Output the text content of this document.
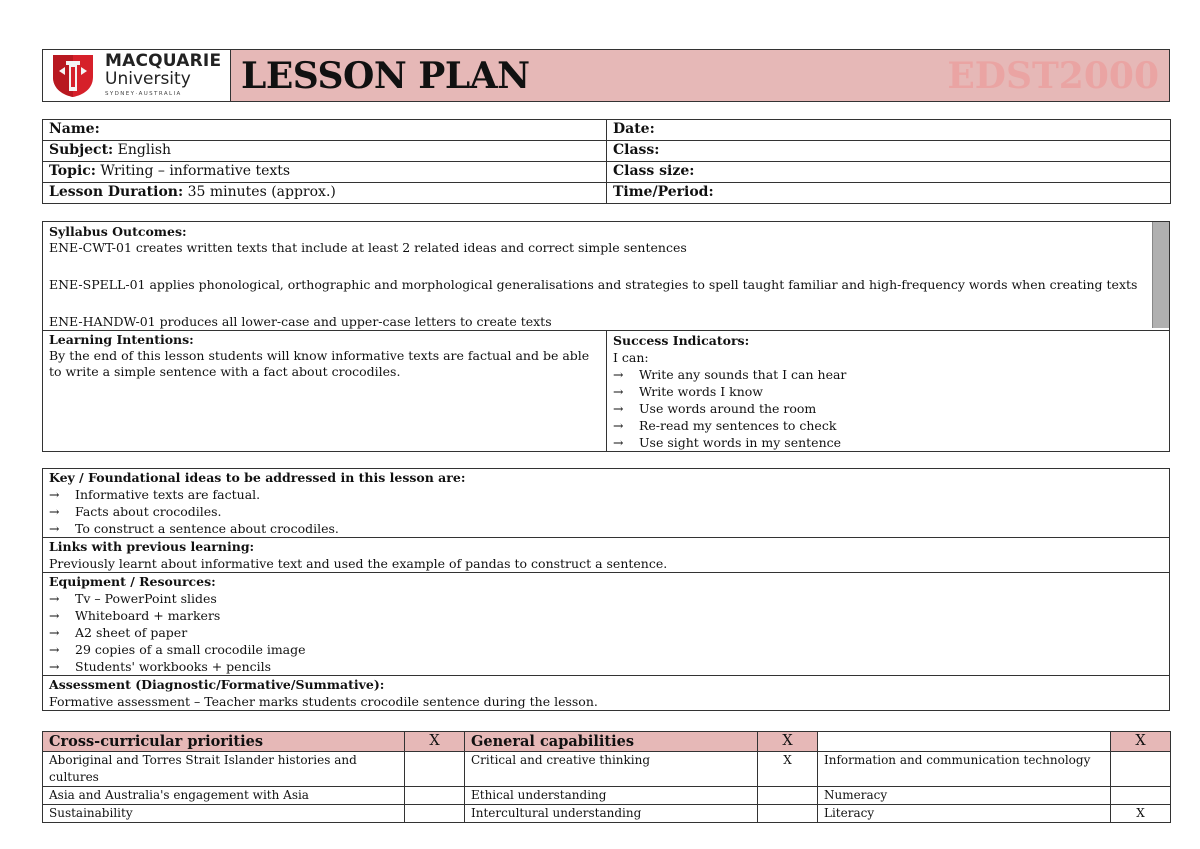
MACQUARIE
University
SYDNEY·AUSTRALIA	LESSON PLAN	EDST2000
Name:	Date:
Subject: English	Class:
Topic: Writing – informative texts	Class size:
Lesson Duration: 35 minutes (approx.)	Time/Period:
Syllabus Outcomes:
ENE-CWT-01 creates written texts that include at least 2 related ideas and correct simple sentences
ENE-SPELL-01 applies phonological, orthographic and morphological generalisations and strategies to spell taught familiar and high-frequency words when creating texts
ENE-HANDW-01 produces all lower-case and upper-case letters to create texts
Learning Intentions:
By the end of this lesson students will know informative texts are factual and be able to write a simple sentence with a fact about crocodiles.
Success Indicators:
I can:
→	Write any sounds that I can hear
→	Write words I know
→	Use words around the room
→	Re-read my sentences to check
→	Use sight words in my sentence
Key / Foundational ideas to be addressed in this lesson are:
→	Informative texts are factual.
→	Facts about crocodiles.
→	To construct a sentence about crocodiles.
Links with previous learning:
Previously learnt about informative text and used the example of pandas to construct a sentence.
Equipment / Resources:
→	Tv – PowerPoint slides
→	Whiteboard + markers
→	A2 sheet of paper
→	29 copies of a small crocodile image
→	Students' workbooks + pencils
Assessment (Diagnostic/Formative/Summative):
Formative assessment – Teacher marks students crocodile sentence during the lesson.
Cross-curricular priorities	X	General capabilities	X		X
Aboriginal and Torres Strait Islander histories and cultures		Critical and creative thinking	X	Information and communication technology	
Asia and Australia's engagement with Asia		Ethical understanding		Numeracy	
Sustainability		Intercultural understanding		Literacy	X
